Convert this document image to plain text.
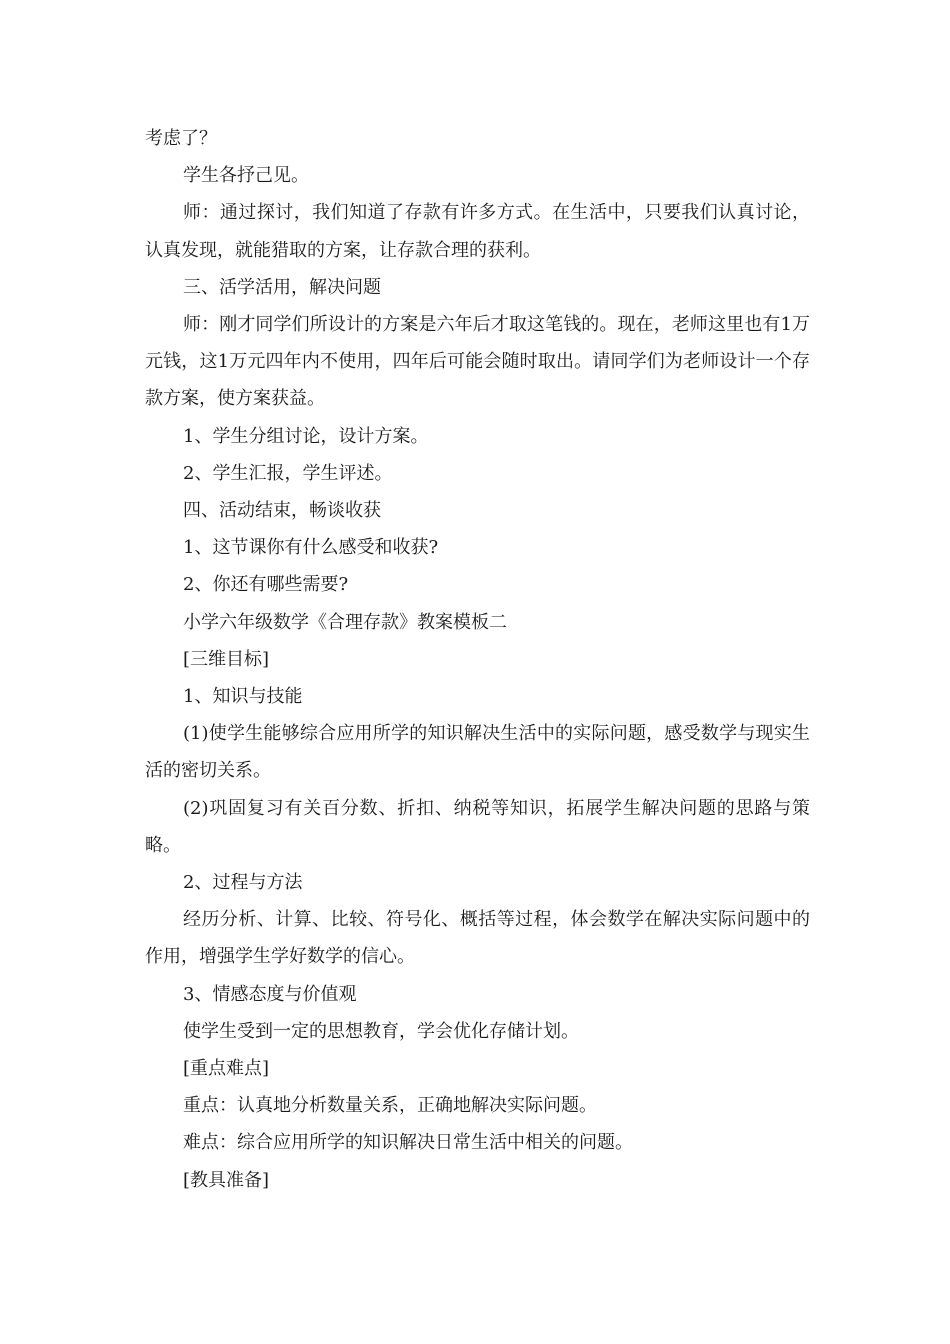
考虑了？

学生各抒己见。

师：通过探讨，我们知道了存款有许多方式。在生活中，只要我们认真讨论，认真发现，就能猎取的方案，让存款合理的获利。

三、活学活用，解决问题

师：刚才同学们所设计的方案是六年后才取这笔钱的。现在，老师这里也有1万元钱，这1万元四年内不使用，四年后可能会随时取出。请同学们为老师设计一个存款方案，使方案获益。

1、学生分组讨论，设计方案。

2、学生汇报，学生评述。

四、活动结束，畅谈收获

1、这节课你有什么感受和收获?

2、你还有哪些需要?

小学六年级数学《合理存款》教案模板二

[三维目标]

1、知识与技能

(1)使学生能够综合应用所学的知识解决生活中的实际问题，感受数学与现实生活的密切关系。

(2)巩固复习有关百分数、折扣、纳税等知识，拓展学生解决问题的思路与策略。

2、过程与方法

经历分析、计算、比较、符号化、概括等过程，体会数学在解决实际问题中的作用，增强学生学好数学的信心。

3、情感态度与价值观

使学生受到一定的思想教育，学会优化存储计划。

[重点难点]

重点：认真地分析数量关系，正确地解决实际问题。

难点：综合应用所学的知识解决日常生活中相关的问题。

[教具准备]
